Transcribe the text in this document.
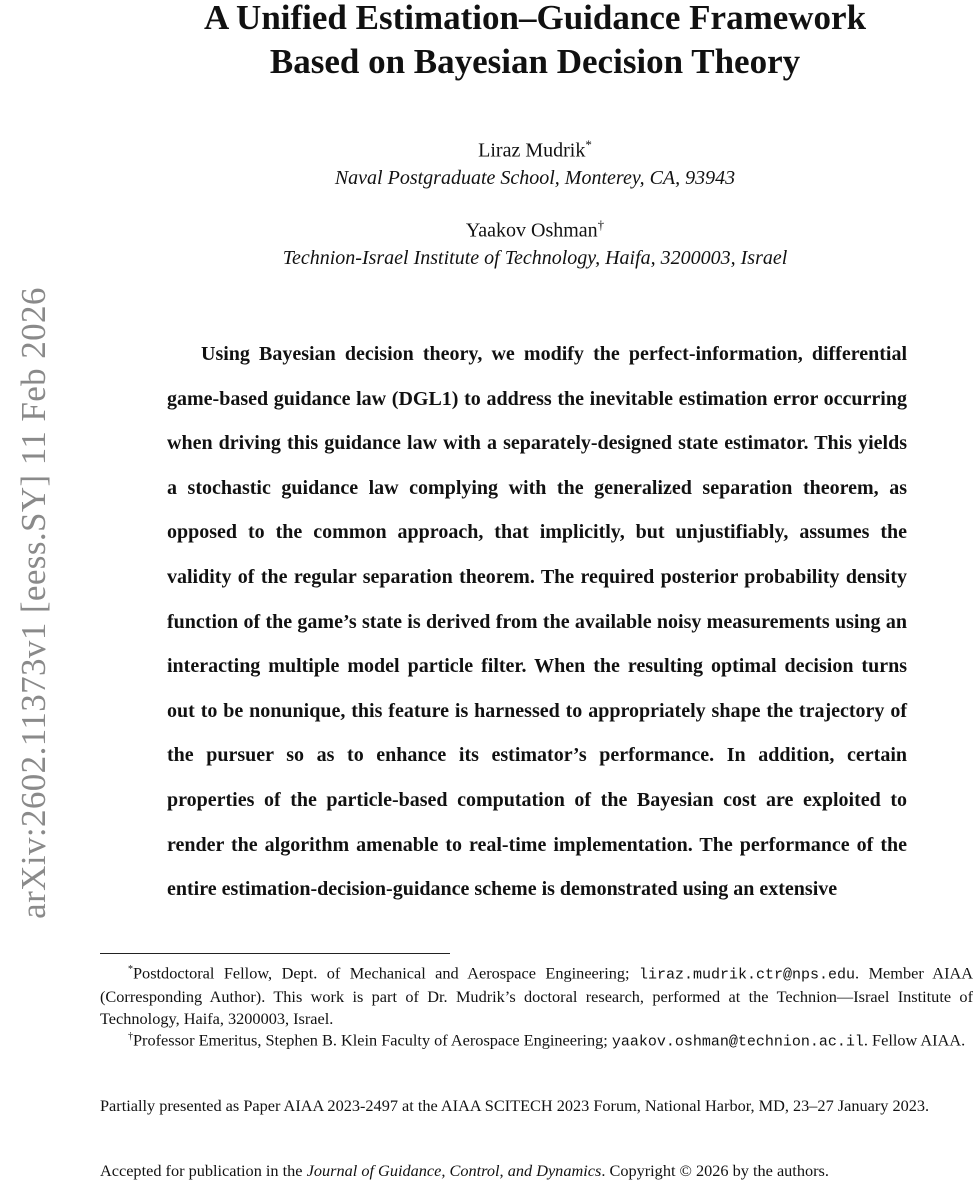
arXiv:2602.11373v1 [eess.SY] 11 Feb 2026
A Unified Estimation–Guidance Framework
Based on Bayesian Decision Theory
Liraz Mudrik*
Naval Postgraduate School, Monterey, CA, 93943
Yaakov Oshman†
Technion-Israel Institute of Technology, Haifa, 3200003, Israel

Using Bayesian decision theory, we modify the perfect-information, differential game-based guidance law (DGL1) to address the inevitable estimation error occurring when driving this guidance law with a separately-designed state estimator. This yields a stochastic guidance law complying with the generalized separation theorem, as opposed to the common approach, that implicitly, but unjustifiably, assumes the validity of the regular separation theorem. The required posterior probability density function of the game’s state is derived from the available noisy measurements using an interacting multiple model particle filter. When the resulting optimal decision turns out to be nonunique, this feature is harnessed to appropriately shape the trajectory of the pursuer so as to enhance its estimator’s performance. In addition, certain properties of the particle-based computation of the Bayesian cost are exploited to render the algorithm amenable to real-time implementation. The performance of the entire estimation-decision-guidance scheme is demonstrated using an extensive

*Postdoctoral Fellow, Dept. of Mechanical and Aerospace Engineering; liraz.mudrik.ctr@nps.edu. Member AIAA (Corresponding Author). This work is part of Dr. Mudrik’s doctoral research, performed at the Technion—Israel Institute of Technology, Haifa, 3200003, Israel.

†Professor Emeritus, Stephen B. Klein Faculty of Aerospace Engineering; yaakov.oshman@technion.ac.il. Fellow AIAA.

Partially presented as Paper AIAA 2023-2497 at the AIAA SCITECH 2023 Forum, National Harbor, MD, 23–27 January 2023.

Accepted for publication in the Journal of Guidance, Control, and Dynamics. Copyright © 2026 by the authors.
